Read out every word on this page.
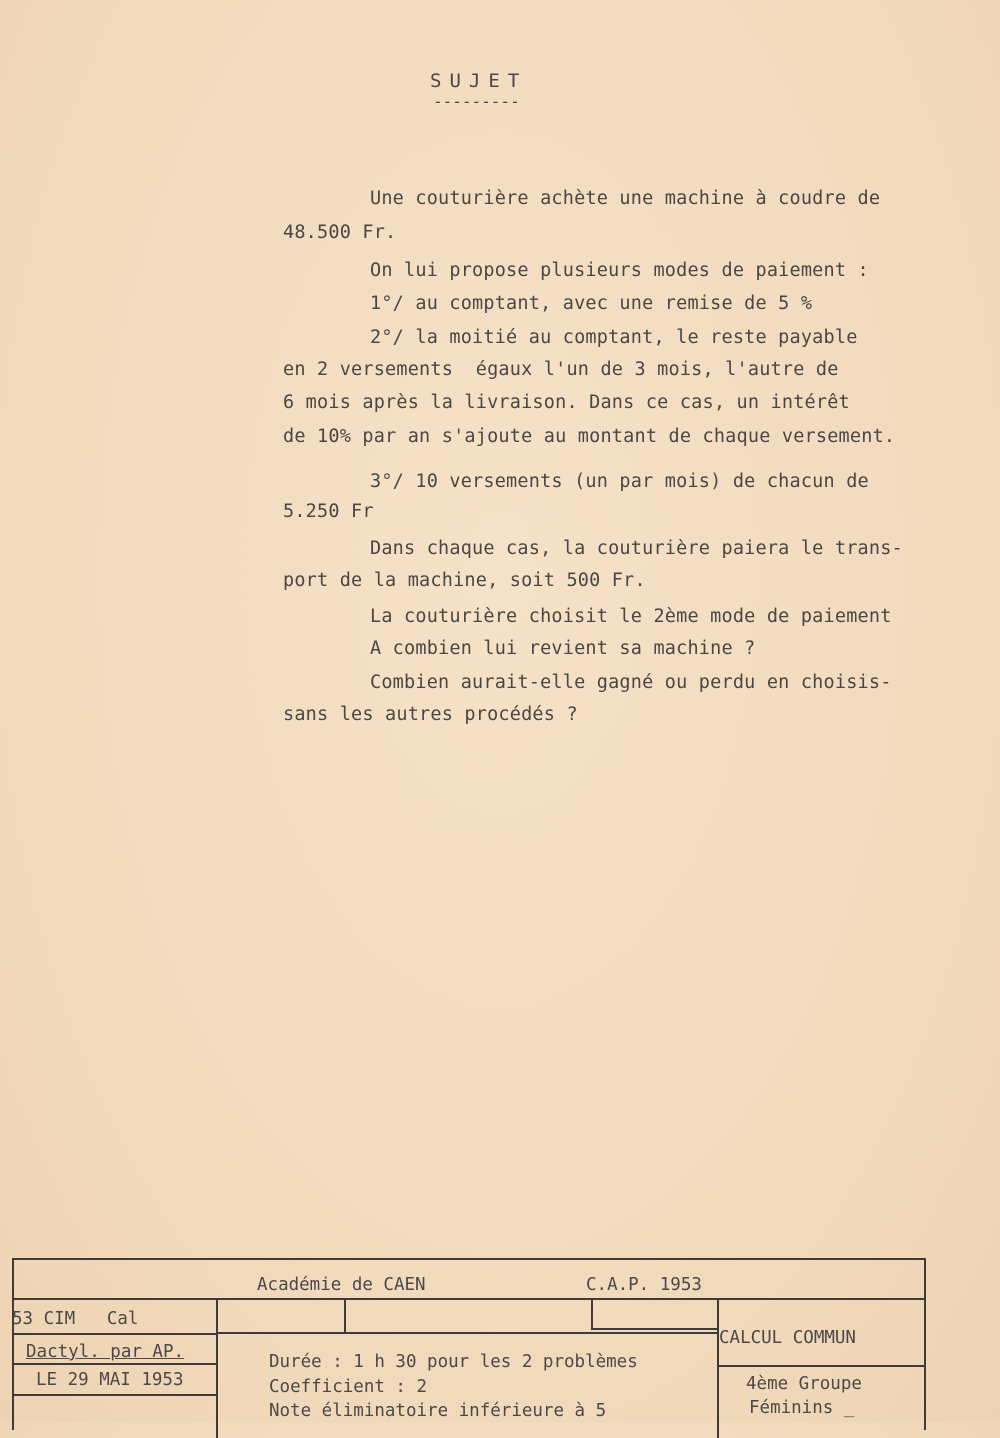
SUJET
---------
Une couturière achète une machine à coudre de
48.500 Fr.
On lui propose plusieurs modes de paiement :
1°/ au comptant, avec une remise de 5 %
2°/ la moitié au comptant, le reste payable
en 2 versements  égaux l'un de 3 mois, l'autre de
6 mois après la livraison. Dans ce cas, un intérêt
de 10% par an s'ajoute au montant de chaque versement.
3°/ 10 versements (un par mois) de chacun de
5.250 Fr
Dans chaque cas, la couturière paiera le trans-
port de la machine, soit 500 Fr.
La couturière choisit le 2ème mode de paiement
A combien lui revient sa machine ?
Combien aurait-elle gagné ou perdu en choisis-
sans les autres procédés ?
Académie de CAEN	C.A.P. 1953
53 CIM   Cal
Dactyl. par AP.
LE 29 MAI 1953
Durée : 1 h 30 pour les 2 problèmes
Coefficient : 2
Note éliminatoire inférieure à 5
CALCUL COMMUN
4ème Groupe
Féminins _
